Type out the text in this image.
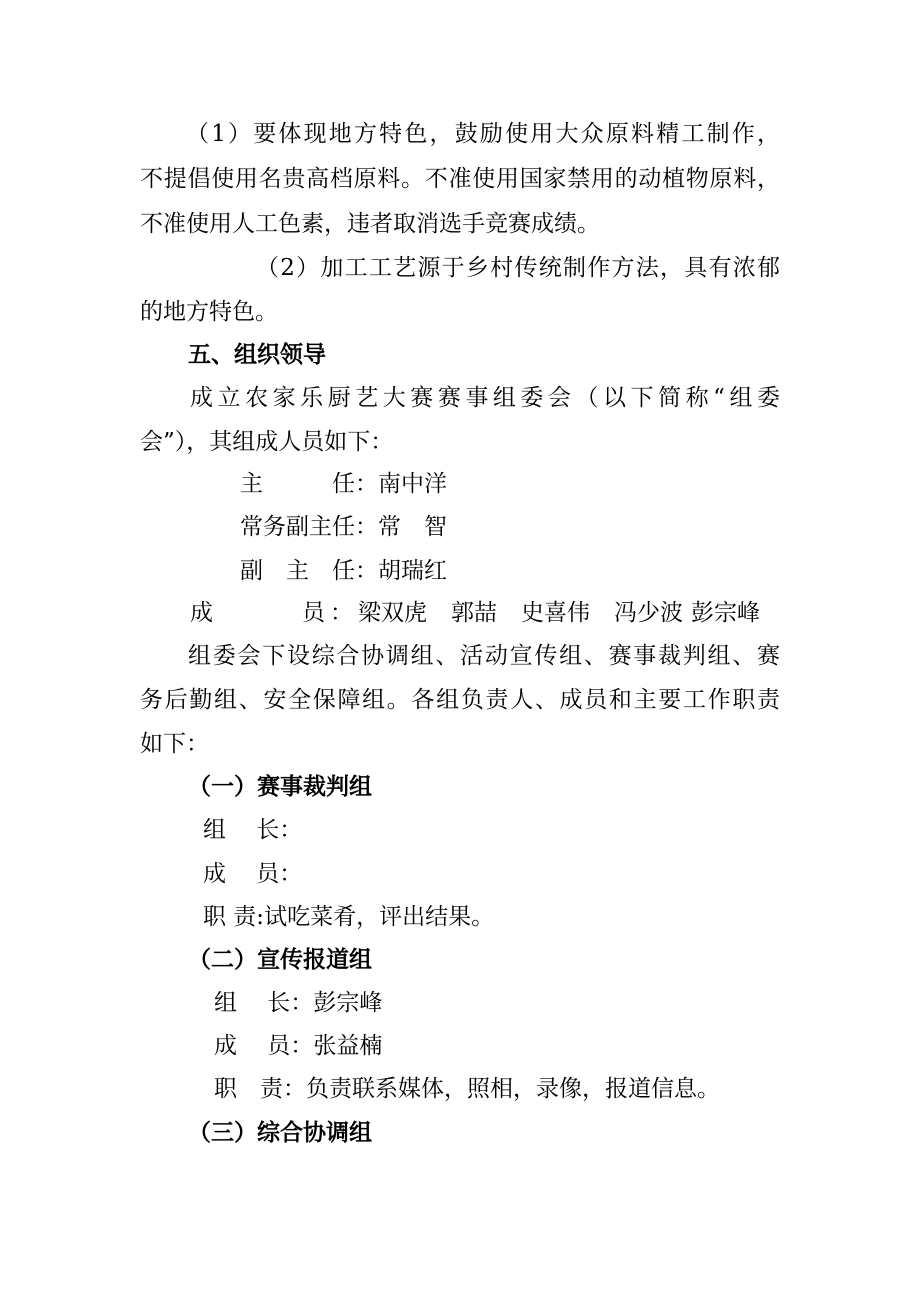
（1）要体现地方特色，鼓励使用大众原料精工制作，
不提倡使用名贵高档原料。不准使用国家禁用的动植物原料，
不准使用人工色素，违者取消选手竞赛成绩。
（2）加工工艺源于乡村传统制作方法，具有浓郁
的地方特色。
五、组织领导
成立农家乐厨艺大赛赛事组委会（以下简称“组委
会”），其组成人员如下：
主　　　任：南中洋
常务副主任：常　智
副　主　任：胡瑞红
成　　　员：梁双虎 郭喆 史喜伟 冯少波 彭宗峰
组委会下设综合协调组、活动宣传组、赛事裁判组、赛
务后勤组、安全保障组。各组负责人、成员和主要工作职责
如下：
（一）赛事裁判组
组　 长：
成　 员：
职 责:试吃菜肴，评出结果。
（二）宣传报道组
组　 长：彭宗峰
成　 员：张益楠
职　责：负责联系媒体，照相，录像，报道信息。
（三）综合协调组
